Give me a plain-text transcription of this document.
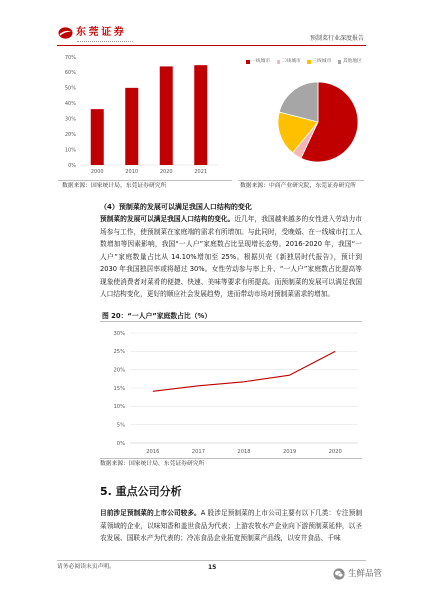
东莞证券
预制菜行业深度报告
0%
10%
20%
30%
40%
50%
60%
70%
2000	2010	2020	2021
数据来源：国家统计局，东莞证券研究所
一线城市 二线城市 三线城市 其他地区
数据来源：中商产业研究院，东莞证券研究所
（4）预制菜的发展可以满足我国人口结构的变化

预制菜的发展可以满足我国人口结构的变化。近几年，我国越来越多的女性进入劳动力市场参与工作，使预制菜在家庭端的需求有所增加。与此同时，受晚婚、在一线城市打工人数增加等因素影响，我国“一人户”家庭数占比呈现增长态势。2016-2020 年，我国“一人户”家庭数量占比从 14.10%增加至 25%。根据贝壳《新独居时代报告》，预计到 2030 年我国独居率或将超过 30%。女性劳动参与率上升、“一人户”家庭数占比提高等现象使消费者对菜肴的便捷、快速、美味等要求有所提高。而预制菜的发展可以满足我国人口结构变化，更好的顺应社会发展趋势，进而带动市场对预制菜需求的增加。

图 20：“一人户”家庭数占比（%）
0%
5%
10%
15%
20%
25%
30%
2016	2017	2018	2019	2020
数据来源：国家统计局，东莞证券研究所
5. 重点公司分析

目前涉足预制菜的上市公司较多。A 股涉足预制菜的上市公司主要有以下几类：专注预制菜领域的企业，以味知香和盖世食品为代表；上游农牧水产企业向下游预制菜延伸，以圣农发展、国联水产为代表的；冷冻食品企业拓宽预制菜产品线，以安井食品、千味

请务必阅读末页声明。	15
生鲜品管
